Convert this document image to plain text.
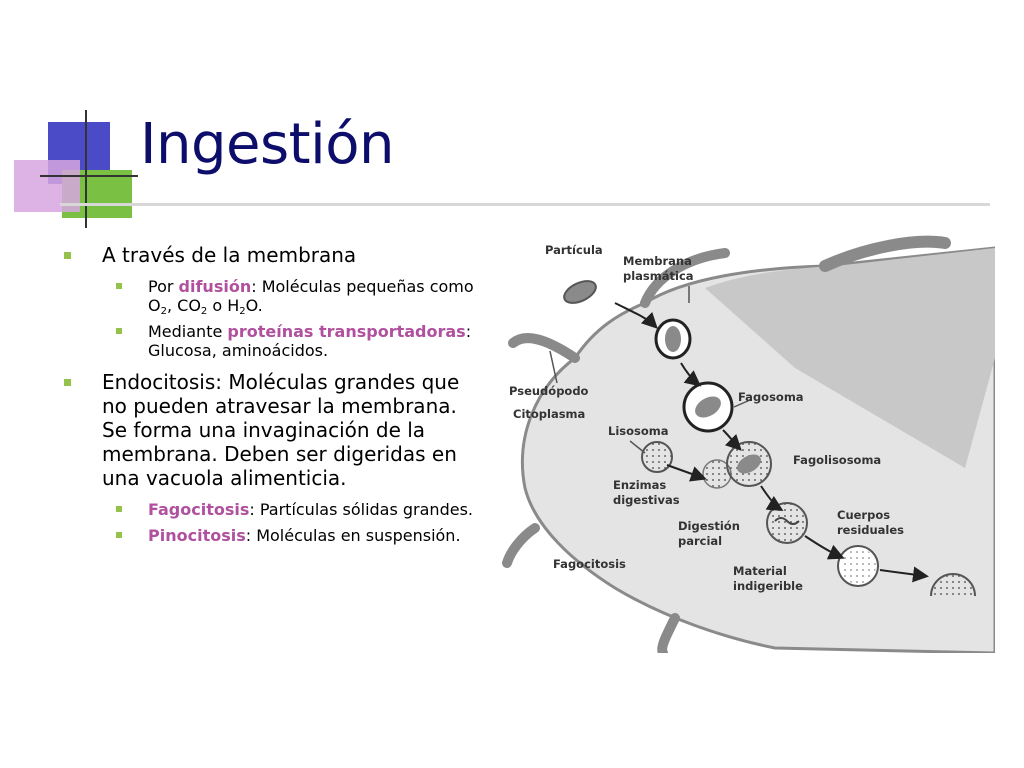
Ingestión
A través de la membrana
Por difusión: Moléculas pequeñas como $O_2$, $CO_2$ o $H_2O$.
Mediante proteínas transportadoras: Glucosa, aminoácidos.
Endocitosis: Moléculas grandes que no pueden atravesar la membrana. Se forma una invaginación de la membrana. Deben ser digeridas en una vacuola alimenticia.
Fagocitosis: Partículas sólidas grandes.
Pinocitosis: Moléculas en suspensión.
Partícula
Membrana
plasmática
Pseudópodo
Citoplasma
Fagosoma
Lisosoma
Fagolisosoma
Enzimas
digestivas
Digestión
parcial
Cuerpos
residuales
Fagocitosis	Material
indigerible
